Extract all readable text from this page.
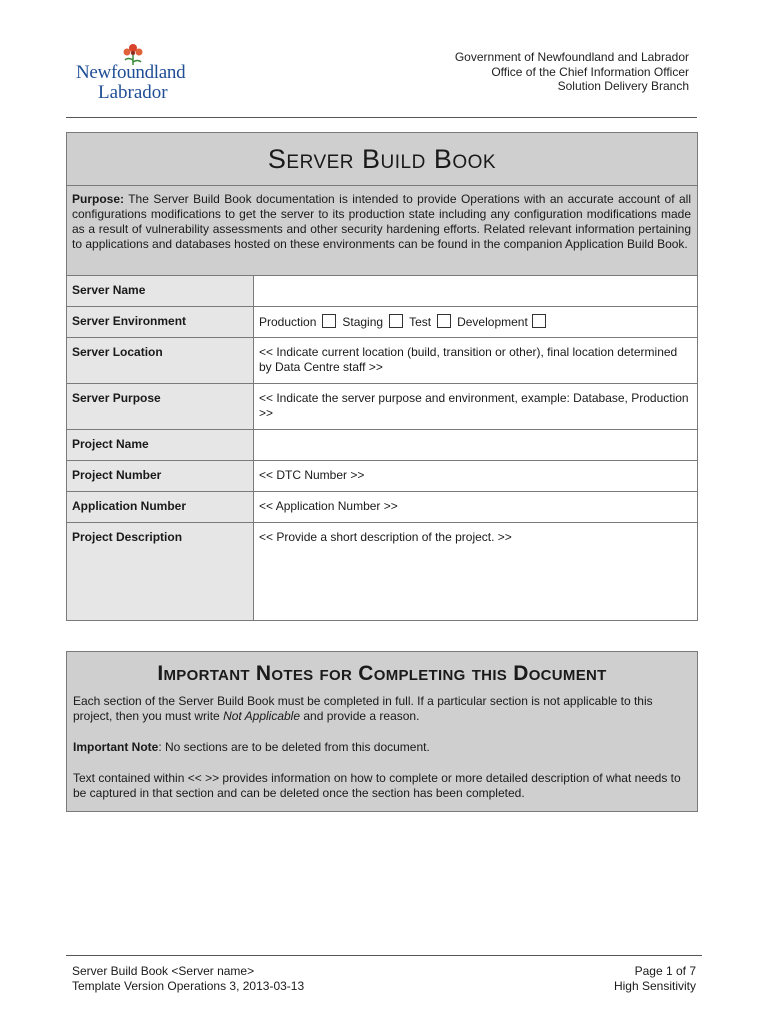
Newfoundland
Labrador
Government of Newfoundland and Labrador
Office of the Chief Information Officer
Solution Delivery Branch
Server Build Book	
Purpose: The Server Build Book documentation is intended to provide Operations with an accurate account of all configurations modifications to get the server to its production state including any configuration modifications made as a result of vulnerability assessments and other security hardening efforts. Related relevant information pertaining to applications and databases hosted on these environments can be found in the companion Application Build Book.	
Server Name	
Server Environment	Production Staging Test Development
Server Location	<< Indicate current location (build, transition or other), final location determined by Data Centre staff >>
Server Purpose	<< Indicate the server purpose and environment, example: Database, Production >>
Project Name	
Project Number	<< DTC Number >>
Application Number	<< Application Number >>
Project Description	<< Provide a short description of the project. >>
Important Notes for Completing this Document

Each section of the Server Build Book must be completed in full. If a particular section is not applicable to this project, then you must write Not Applicable and provide a reason.

Important Note: No sections are to be deleted from this document.

Text contained within << >> provides information on how to complete or more detailed description of what needs to be captured in that section and can be deleted once the section has been completed.

Server Build Book <Server name>
Template Version Operations 3, 2013-03-13
Page 1 of 7
High Sensitivity
